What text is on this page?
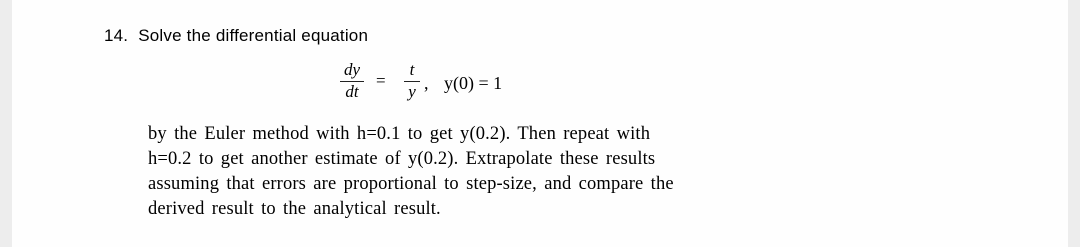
14. Solve the differential equation
dy
dt
=
t
y , y(0) = 1
by the Euler method with h=0.1 to get y(0.2). Then repeat with
h=0.2 to get another estimate of y(0.2). Extrapolate these results
assuming that errors are proportional to step-size, and compare the
derived result to the analytical result.
